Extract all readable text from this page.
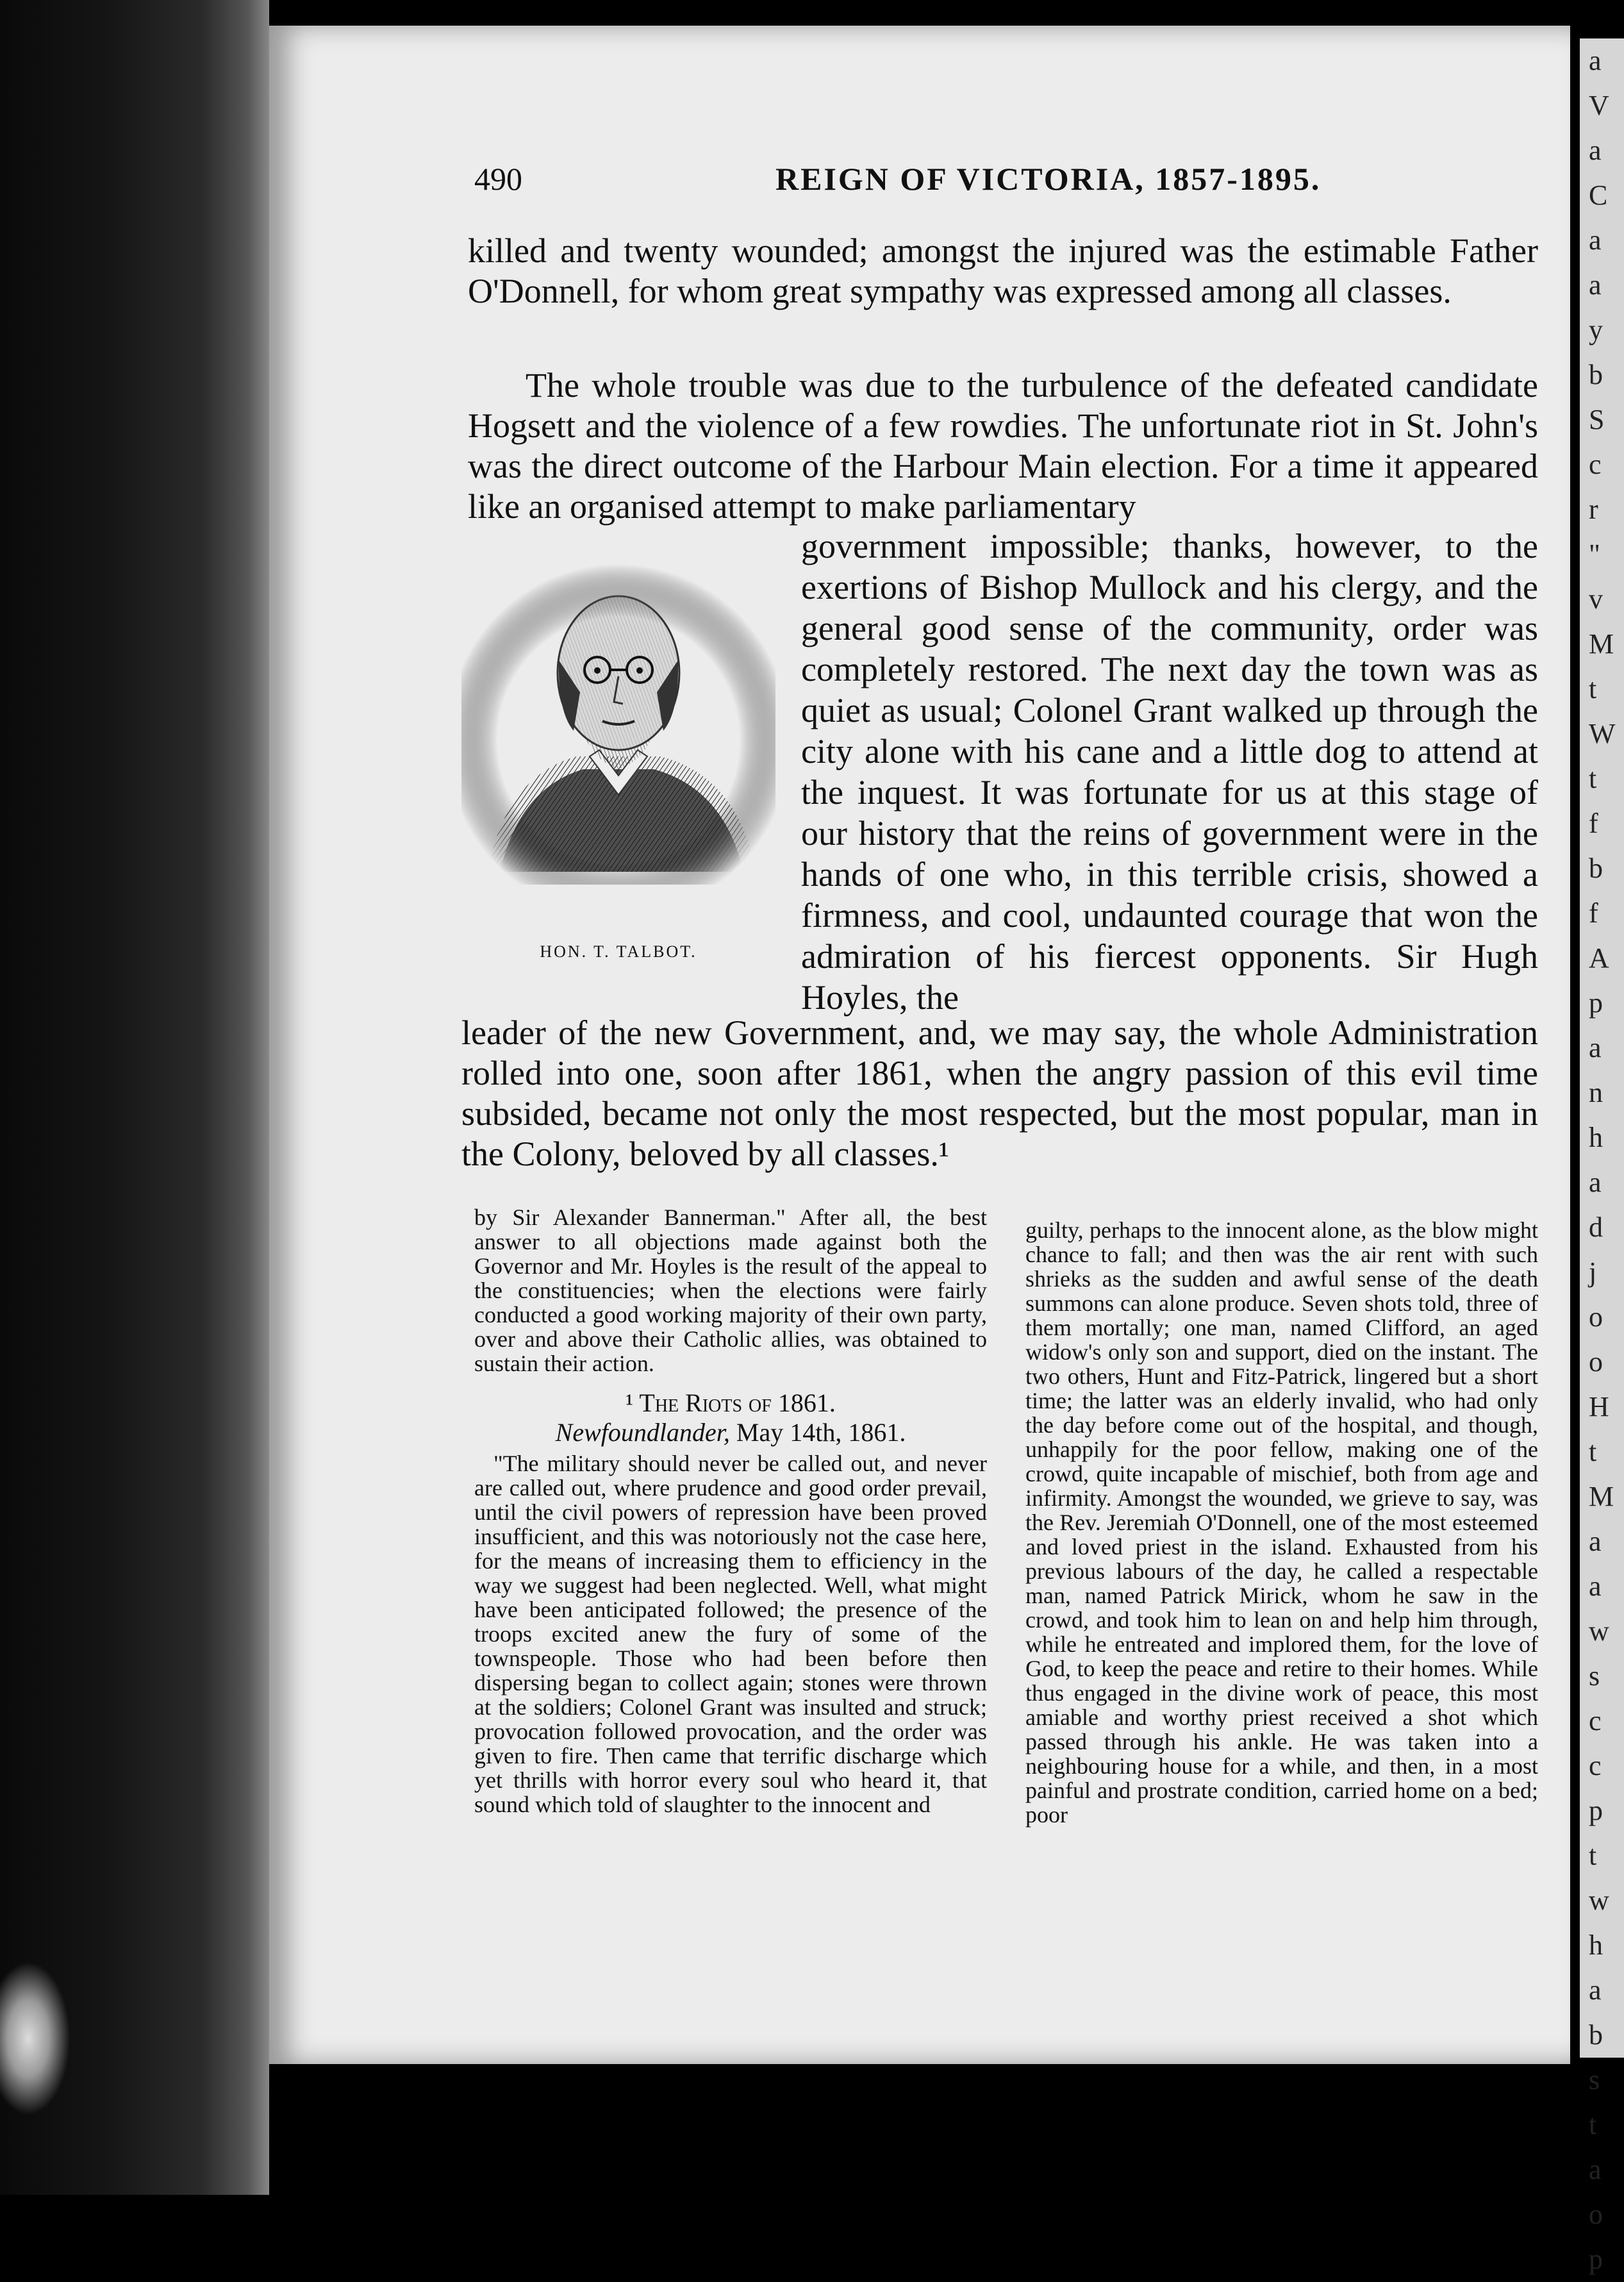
a
V
a
C
a
a
y
b
S
c
r
"
v
M
t
W
t
f
b
f
A
p
a
n
h
a
d
j
o
o
H
t
M
a
a
w
s
c
c
p
t
w
h
a
b
s
t
a
o
p
490	REIGN OF VICTORIA, 1857-1895.

killed and twenty wounded; amongst the injured was the estimable Father O'Donnell, for whom great sympathy was expressed among all classes.

The whole trouble was due to the turbulence of the defeated candidate Hogsett and the violence of a few rowdies. The unfortunate riot in St. John's was the direct outcome of the Harbour Main election. For a time it appeared like an organised attempt to make parliamentary

government impossible; thanks, however, to the exertions of Bishop Mullock and his clergy, and the general good sense of the community, order was completely restored. The next day the town was as quiet as usual; Colonel Grant walked up through the city alone with his cane and a little dog to attend at the inquest. It was fortunate for us at this stage of our history that the reins of government were in the hands of one who, in this terrible crisis, showed a firmness, and cool, undaunted courage that won the admiration of his fiercest opponents. Sir Hugh Hoyles, the

HON. T. TALBOT.

leader of the new Government, and, we may say, the whole Administration rolled into one, soon after 1861, when the angry passion of this evil time subsided, became not only the most respected, but the most popular, man in the Colony, beloved by all classes.¹

by Sir Alexander Bannerman." After all, the best answer to all objections made against both the Governor and Mr. Hoyles is the result of the appeal to the constituencies; when the elections were fairly conducted a good working majority of their own party, over and above their Catholic allies, was obtained to sustain their action.

¹ The Riots of 1861.
Newfoundlander, May 14th, 1861.

"The military should never be called out, and never are called out, where prudence and good order prevail, until the civil powers of repression have been proved insufficient, and this was notoriously not the case here, for the means of increasing them to efficiency in the way we suggest had been neglected. Well, what might have been anticipated followed; the presence of the troops excited anew the fury of some of the townspeople. Those who had been before then dispersing began to collect again; stones were thrown at the soldiers; Colonel Grant was insulted and struck; provocation followed provocation, and the order was given to fire. Then came that terrific discharge which yet thrills with horror every soul who heard it, that sound which told of slaughter to the innocent and

guilty, perhaps to the innocent alone, as the blow might chance to fall; and then was the air rent with such shrieks as the sudden and awful sense of the death summons can alone produce. Seven shots told, three of them mortally; one man, named Clifford, an aged widow's only son and support, died on the instant. The two others, Hunt and Fitz-Patrick, lingered but a short time; the latter was an elderly invalid, who had only the day before come out of the hospital, and though, unhappily for the poor fellow, making one of the crowd, quite incapable of mischief, both from age and infirmity. Amongst the wounded, we grieve to say, was the Rev. Jeremiah O'Donnell, one of the most esteemed and loved priest in the island. Exhausted from his previous labours of the day, he called a respectable man, named Patrick Mirick, whom he saw in the crowd, and took him to lean on and help him through, while he entreated and implored them, for the love of God, to keep the peace and retire to their homes. While thus engaged in the divine work of peace, this most amiable and worthy priest received a shot which passed through his ankle. He was taken into a neighbouring house for a while, and then, in a most painful and prostrate condition, carried home on a bed; poor
